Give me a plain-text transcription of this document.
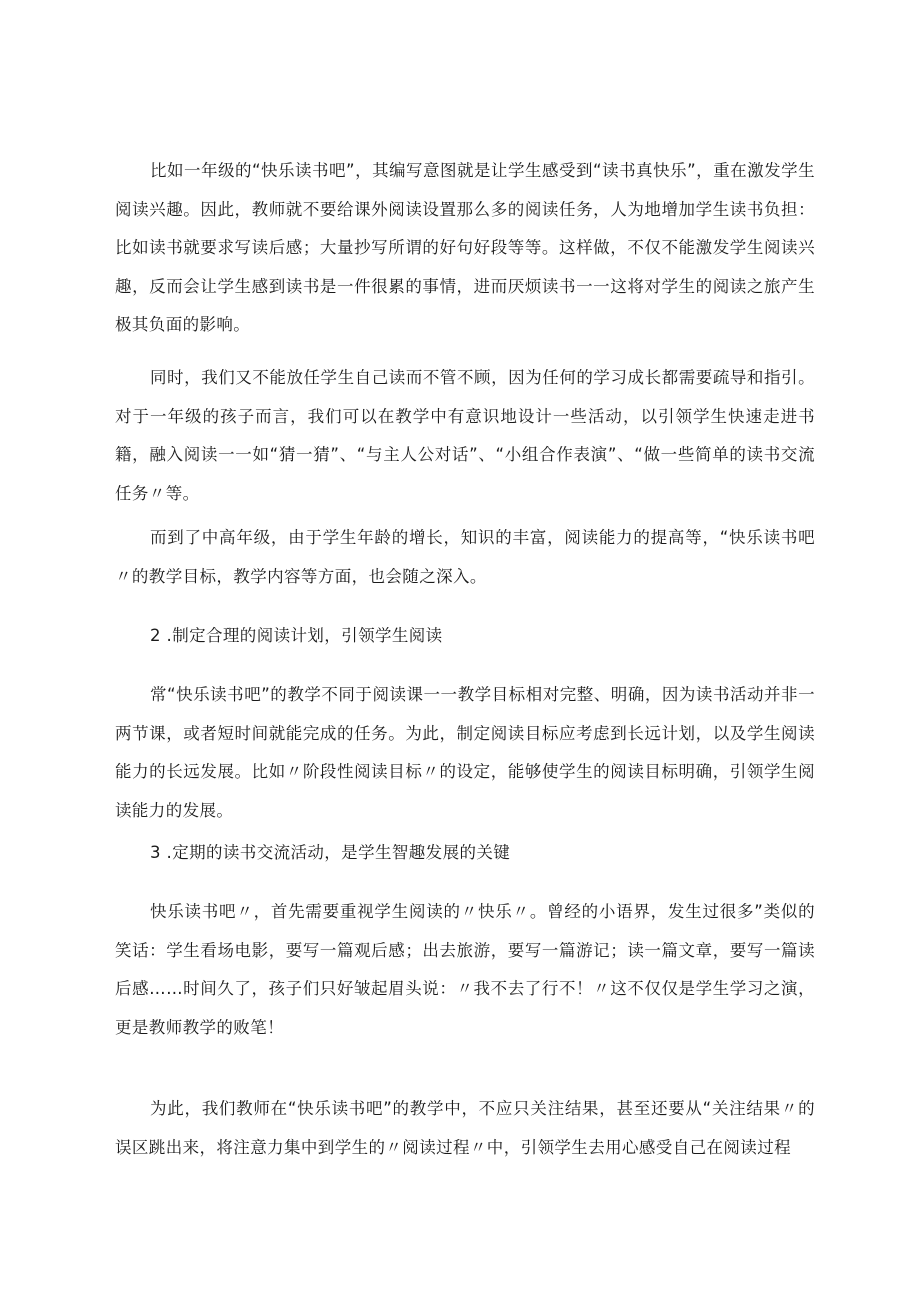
比如一年级的“快乐读书吧”，其编写意图就是让学生感受到“读书真快乐”，重在激发学生阅读兴趣。因此，教师就不要给课外阅读设置那么多的阅读任务，人为地增加学生读书负担：比如读书就要求写读后感；大量抄写所谓的好句好段等等。这样做，不仅不能激发学生阅读兴趣，反而会让学生感到读书是一件很累的事情，进而厌烦读书一一这将对学生的阅读之旅产生极其负面的影响。

同时，我们又不能放任学生自己读而不管不顾，因为任何的学习成长都需要疏导和指引。对于一年级的孩子而言，我们可以在教学中有意识地设计一些活动，以引领学生快速走进书籍，融入阅读一一如“猜一猜”、“与主人公对话”、“小组合作表演”、“做一些简单的读书交流任务〃等。

而到了中高年级，由于学生年龄的增长，知识的丰富，阅读能力的提高等，“快乐读书吧〃的教学目标，教学内容等方面，也会随之深入。

2 .制定合理的阅读计划，引领学生阅读

常“快乐读书吧”的教学不同于阅读课一一教学目标相对完整、明确，因为读书活动并非一两节课，或者短时间就能完成的任务。为此，制定阅读目标应考虑到长远计划，以及学生阅读能力的长远发展。比如〃阶段性阅读目标〃的设定，能够使学生的阅读目标明确，引领学生阅读能力的发展。

3 .定期的读书交流活动，是学生智趣发展的关键

快乐读书吧〃，首先需要重视学生阅读的〃快乐〃。曾经的小语界，发生过很多”类似的笑话：学生看场电影，要写一篇观后感；出去旅游，要写一篇游记；读一篇文章，要写一篇读后感……时间久了，孩子们只好皱起眉头说：〃我不去了行不！〃这不仅仅是学生学习之演，更是教师教学的败笔！

为此，我们教师在“快乐读书吧”的教学中，不应只关注结果，甚至还要从“关注结果〃的误区跳出来，将注意力集中到学生的〃阅读过程〃中，引领学生去用心感受自己在阅读过程
